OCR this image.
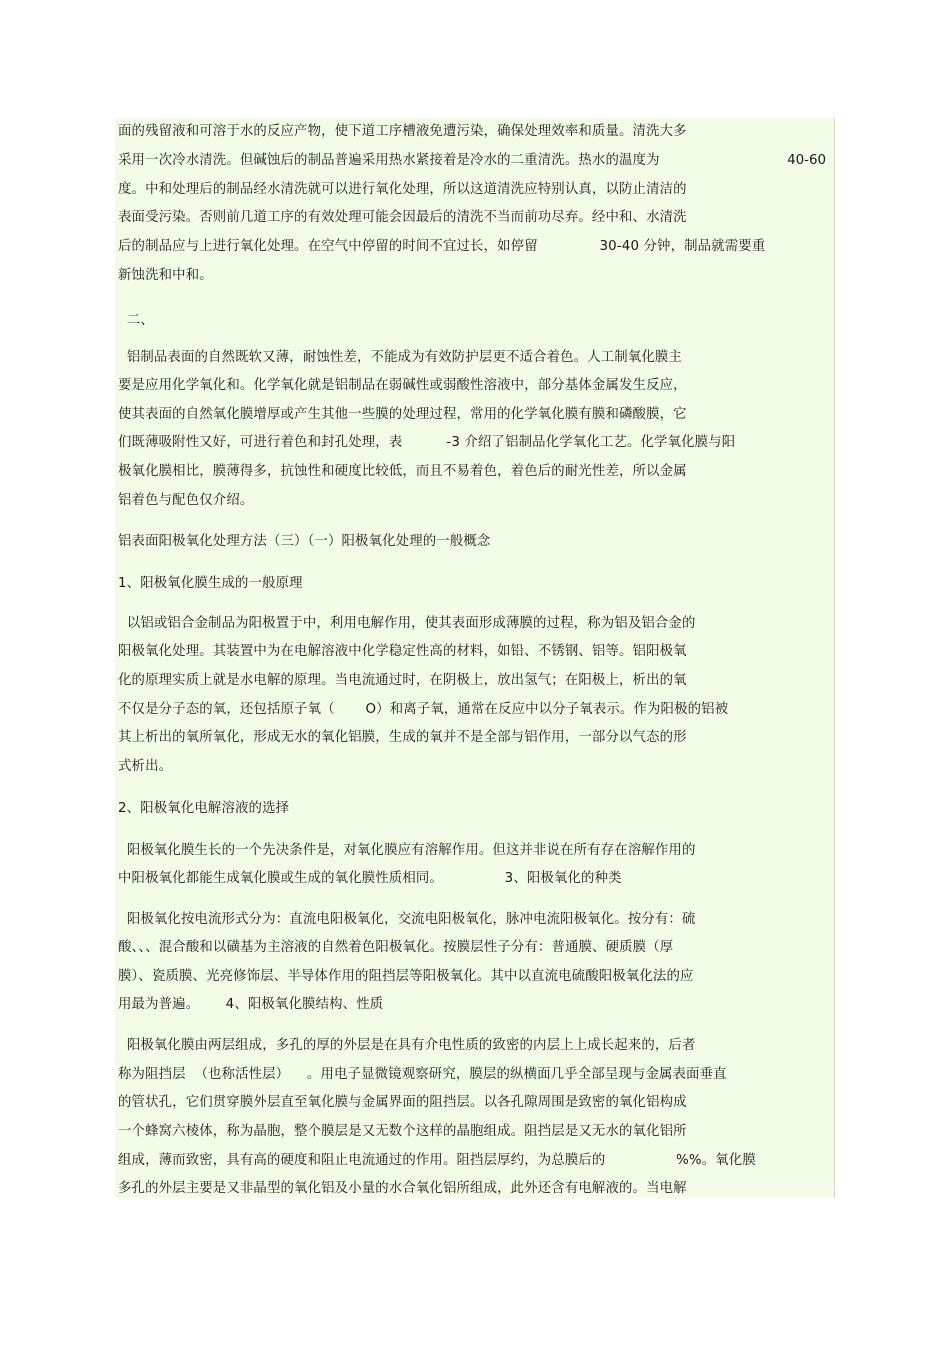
面的残留液和可溶于水的反应产物，使下道工序槽液免遭污染，确保处理效率和质量。清洗大多
采用一次冷水清洗。但碱蚀后的制品普遍采用热水紧接着是冷水的二重清洗。热水的温度为	40-60
度。中和处理后的制品经水清洗就可以进行氧化处理，所以这道清洗应特别认真，以防止清洁的
表面受污染。否则前几道工序的有效处理可能会因最后的清洗不当而前功尽弃。经中和、水清洗
后的制品应与上进行氧化处理。在空气中停留的时间不宜过长，如停留              30-40 分钟，制品就需要重
新蚀洗和中和。
二、
铝制品表面的自然既软又薄，耐蚀性差，不能成为有效防护层更不适合着色。人工制氧化膜主
要是应用化学氧化和。化学氧化就是铝制品在弱碱性或弱酸性溶液中，部分基体金属发生反应，
使其表面的自然氧化膜增厚或产生其他一些膜的处理过程，常用的化学氧化膜有膜和磷酸膜，它
们既薄吸附性又好，可进行着色和封孔处理，表          -3 介绍了铝制品化学氧化工艺。化学氧化膜与阳
极氧化膜相比，膜薄得多，抗蚀性和硬度比较低，而且不易着色，着色后的耐光性差，所以金属
铝着色与配色仅介绍。
铝表面阳极氧化处理方法（三）（一）阳极氧化处理的一般概念
1、阳极氧化膜生成的一般原理
以铝或铝合金制品为阳极置于中，利用电解作用，使其表面形成薄膜的过程，称为铝及铝合金的
阳极氧化处理。其装置中为在电解溶液中化学稳定性高的材料，如铅、不锈钢、铝等。铝阳极氧
化的原理实质上就是水电解的原理。当电流通过时，在阴极上，放出氢气；在阳极上，析出的氧
不仅是分子态的氧，还包括原子氧（       O）和离子氧，通常在反应中以分子氧表示。作为阳极的铝被
其上析出的氧所氧化，形成无水的氧化铝膜，生成的氧并不是全部与铝作用，一部分以气态的形
式析出。
2、阳极氧化电解溶液的选择
阳极氧化膜生长的一个先决条件是，对氧化膜应有溶解作用。但这并非说在所有存在溶解作用的
中阳极氧化都能生成氧化膜或生成的氧化膜性质相同。              3、阳极氧化的种类
阳极氧化按电流形式分为：直流电阳极氧化，交流电阳极氧化，脉冲电流阳极氧化。按分有：硫
酸、、、混合酸和以磺基为主溶液的自然着色阳极氧化。按膜层性子分有：普通膜、硬质膜（厚
膜）、瓷质膜、光亮修饰层、半导体作用的阻挡层等阳极氧化。其中以直流电硫酸阳极氧化法的应
用最为普遍。      4、阳极氧化膜结构、性质
阳极氧化膜由两层组成，多孔的厚的外层是在具有介电性质的致密的内层上上成长起来的，后者
称为阻挡层  （也称活性层）    。用电子显微镜观察研究，膜层的纵横面几乎全部呈现与金属表面垂直
的管状孔，它们贯穿膜外层直至氧化膜与金属界面的阻挡层。以各孔隙周围是致密的氧化铝构成
一个蜂窝六棱体，称为晶胞，整个膜层是又无数个这样的晶胞组成。阻挡层是又无水的氧化铝所
组成，薄而致密，具有高的硬度和阻止电流通过的作用。阻挡层厚约，为总膜后的                %%。氧化膜
多孔的外层主要是又非晶型的氧化铝及小量的水合氧化铝所组成，此外还含有电解液的。当电解
